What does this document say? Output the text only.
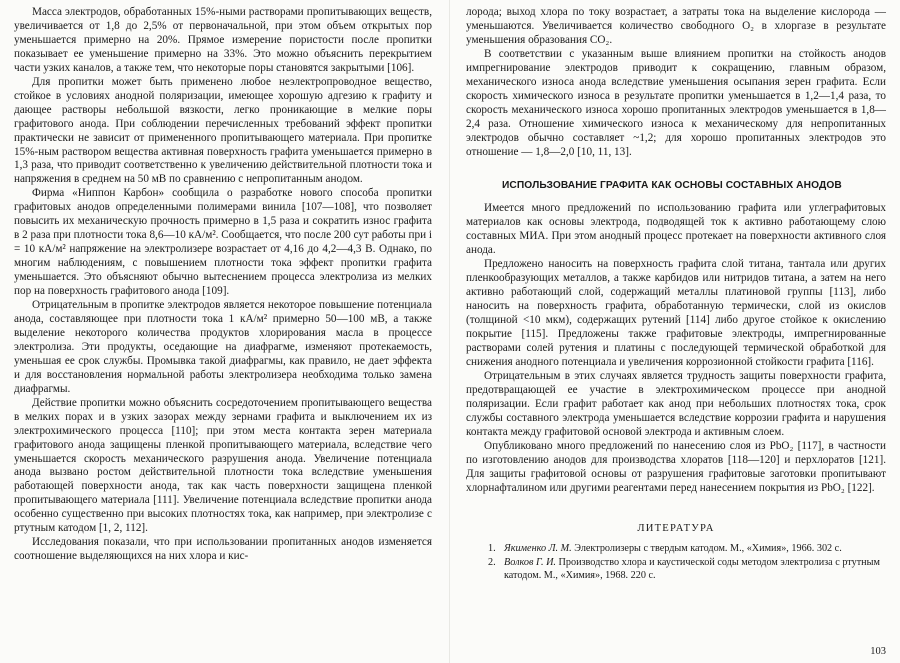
Масса электродов, обработанных 15%-ными растворами пропитывающих веществ, увеличивается от 1,8 до 2,5% от первоначальной, при этом объем открытых пор уменьшается примерно на 20%. Прямое измерение пористости после пропитки показывает ее уменьшение примерно на 33%. Это можно объяснить перекрытием части узких каналов, а также тем, что некоторые поры становятся закрытыми [106].

Для пропитки может быть применено любое неэлектропроводное вещество, стойкое в условиях анодной поляризации, имеющее хорошую адгезию к графиту и дающее растворы небольшой вязкости, легко проникающие в мелкие поры графитового анода. При соблюдении перечисленных требований эффект пропитки практически не зависит от примененного пропитывающего материала. При пропитке 15%-ным раствором вещества активная поверхность графита уменьшается примерно в 1,3 раза, что приводит соответственно к увеличению действительной плотности тока и напряжения в среднем на 50 мВ по сравнению с непропитанным анодом.

Фирма «Ниппон Карбон» сообщила о разработке нового способа пропитки графитовых анодов определенными полимерами винила [107—108], что позволяет повысить их механическую прочность примерно в 1,5 раза и сократить износ графита в 2 раза при плотности тока 8,6—10 кА/м². Сообщается, что после 200 сут работы при i = 10 кА/м² напряжение на электролизере возрастает от 4,16 до 4,2—4,3 В. Однако, по многим наблюдениям, с повышением плотности тока эффект пропитки графита уменьшается. Это объясняют обычно вытеснением процесса электролиза из мелких пор на поверхность графитового анода [109].

Отрицательным в пропитке электродов является некоторое повышение потенциала анода, составляющее при плотности тока 1 кА/м² примерно 50—100 мВ, а также выделение некоторого количества продуктов хлорирования масла в процессе электролиза. Эти продукты, оседающие на диафрагме, изменяют протекаемость, уменьшая ее срок службы. Промывка такой диафрагмы, как правило, не дает эффекта и для восстановления нормальной работы электролизера необходима только замена диафрагмы.

Действие пропитки можно объяснить сосредоточением пропитывающего вещества в мелких порах и в узких зазорах между зернами графита и выключением их из электрохимического процесса [110]; при этом места контакта зерен материала графитового анода защищены пленкой пропитывающего материала, вследствие чего уменьшается скорость механического разрушения анода. Увеличение потенциала анода вызвано ростом действительной плотности тока вследствие уменьшения работающей поверхности анода, так как часть поверхности защищена пленкой пропитывающего материала [111]. Увеличение потенциала вследствие пропитки анода особенно существенно при высоких плотностях тока, как например, при электролизе с ртутным катодом [1, 2, 112].

Исследования показали, что при использовании пропитанных анодов изменяется соотношение выделяющихся на них хлора и кис-

лорода; выход хлора по току возрастает, а затраты тока на выделение кислорода — уменьшаются. Увеличивается количество свободного O₂ в хлоргазе в результате уменьшения образования CO₂.

В соответствии с указанным выше влиянием пропитки на стойкость анодов импрегнирование электродов приводит к сокращению, главным образом, механического износа анода вследствие уменьшения осыпания зерен графита. Если скорость химического износа в результате пропитки уменьшается в 1,2—1,4 раза, то скорость механического износа хорошо пропитанных электродов уменьшается в 1,8—2,4 раза. Отношение химического износа к механическому для непропитанных электродов обычно составляет ~1,2; для хорошо пропитанных электродов это отношение — 1,8—2,0 [10, 11, 13].

ИСПОЛЬЗОВАНИЕ ГРАФИТА КАК ОСНОВЫ СОСТАВНЫХ АНОДОВ

Имеется много предложений по использованию графита или углеграфитовых материалов как основы электрода, подводящей ток к активно работающему слою составных МИА. При этом анодный процесс протекает на поверхности активного слоя анода.

Предложено наносить на поверхность графита слой титана, тантала или других пленкообразующих металлов, а также карбидов или нитридов титана, а затем на него активно работающий слой, содержащий металлы платиновой группы [113], либо наносить на поверхность графита, обработанную термически, слой из окислов (толщиной <10 мкм), содержащих рутений [114] либо другое стойкое к окислению покрытие [115]. Предложены также графитовые электроды, импрегнированные растворами солей рутения и платины с последующей термической обработкой для снижения анодного потенциала и увеличения коррозионной стойкости графита [116].

Отрицательным в этих случаях является трудность защиты поверхности графита, предотвращающей ее участие в электрохимическом процессе при анодной поляризации. Если графит работает как анод при небольших плотностях тока, срок службы составного электрода уменьшается вследствие коррозии графита и нарушения контакта между графитовой основой электрода и активным слоем.

Опубликовано много предложений по нанесению слоя из PbO₂ [117], в частности по изготовлению анодов для производства хлоратов [118—120] и перхлоратов [121]. Для защиты графитовой основы от разрушения графитовые заготовки пропитывают хлорнафталином или другими реагентами перед нанесением покрытия из PbO₂ [122].

ЛИТЕРАТУРА
1. Якименко Л. М. Электролизеры с твердым катодом. М., «Химия», 1966. 302 с.
2. Волков Г. И. Производство хлора и каустической соды методом электролиза с ртутным катодом. М., «Химия», 1968. 220 с.
103
